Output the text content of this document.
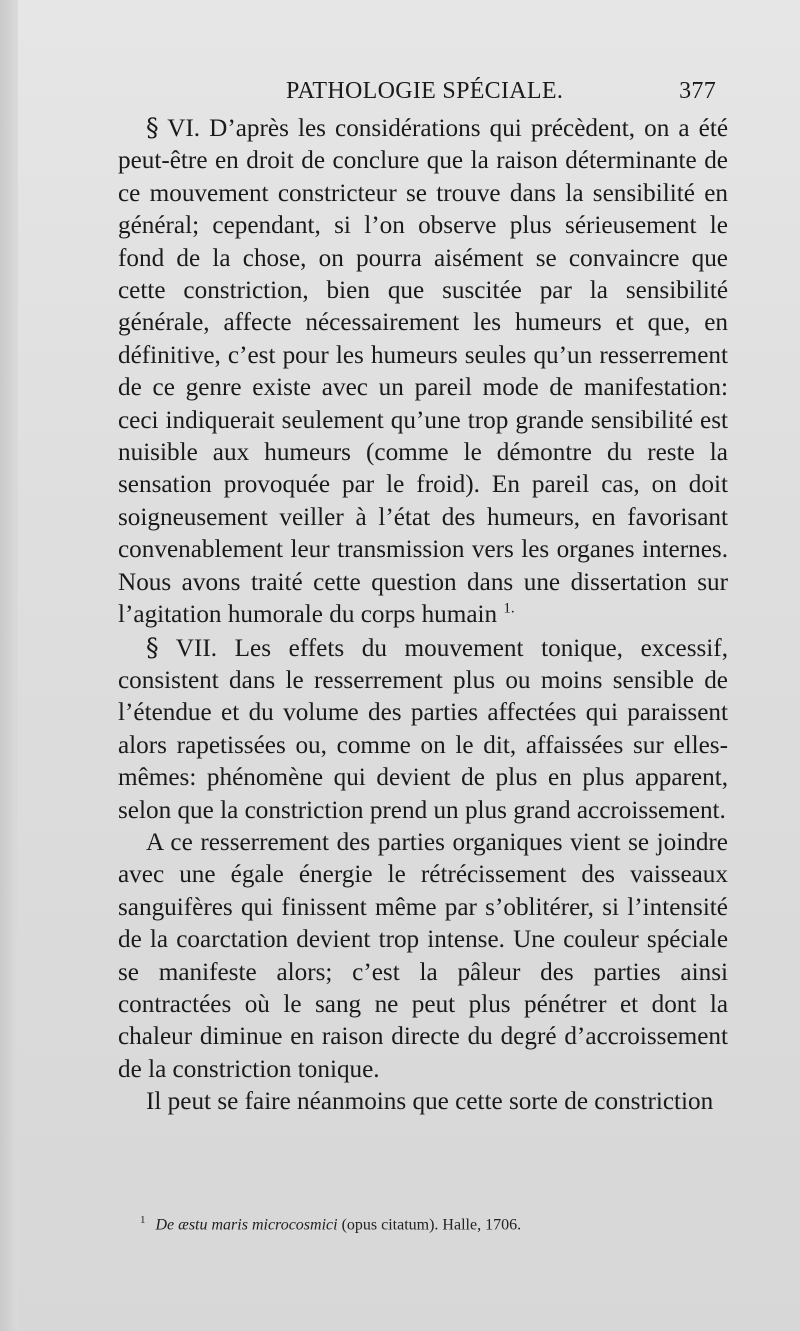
PATHOLOGIE SPÉCIALE.	377

§ VI. D’après les considérations qui précèdent, on a été peut-être en droit de conclure que la raison déterminante de ce mouvement constricteur se trouve dans la sensibilité en général; cependant, si l’on observe plus sérieusement le fond de la chose, on pourra aisément se convaincre que cette constriction, bien que suscitée par la sensibilité générale, affecte nécessairement les humeurs et que, en définitive, c’est pour les humeurs seules qu’un resserrement de ce genre existe avec un pareil mode de manifestation: ceci indiquerait seulement qu’une trop grande sensibilité est nuisible aux humeurs (comme le démontre du reste la sensation provoquée par le froid). En pareil cas, on doit soigneusement veiller à l’état des humeurs, en favorisant convenablement leur transmission vers les organes internes. Nous avons traité cette question dans une dissertation sur l’agitation humorale du corps humain $^{1.}$

§ VII. Les effets du mouvement tonique, excessif, consistent dans le resserrement plus ou moins sensible de l’étendue et du volume des parties affectées qui paraissent alors rapetissées ou, comme on le dit, affaissées sur elles-mêmes: phénomène qui devient de plus en plus apparent, selon que la constriction prend un plus grand accroissement.

A ce resserrement des parties organiques vient se joindre avec une égale énergie le rétrécissement des vaisseaux sanguifères qui finissent même par s’oblitérer, si l’intensité de la coarctation devient trop intense. Une couleur spéciale se manifeste alors; c’est la pâleur des parties ainsi contractées où le sang ne peut plus pénétrer et dont la chaleur diminue en raison directe du degré d’accroissement de la constriction tonique.

Il peut se faire néanmoins que cette sorte de constriction

$^1$ De æstu maris microcosmici (opus citatum). Halle, 1706.
